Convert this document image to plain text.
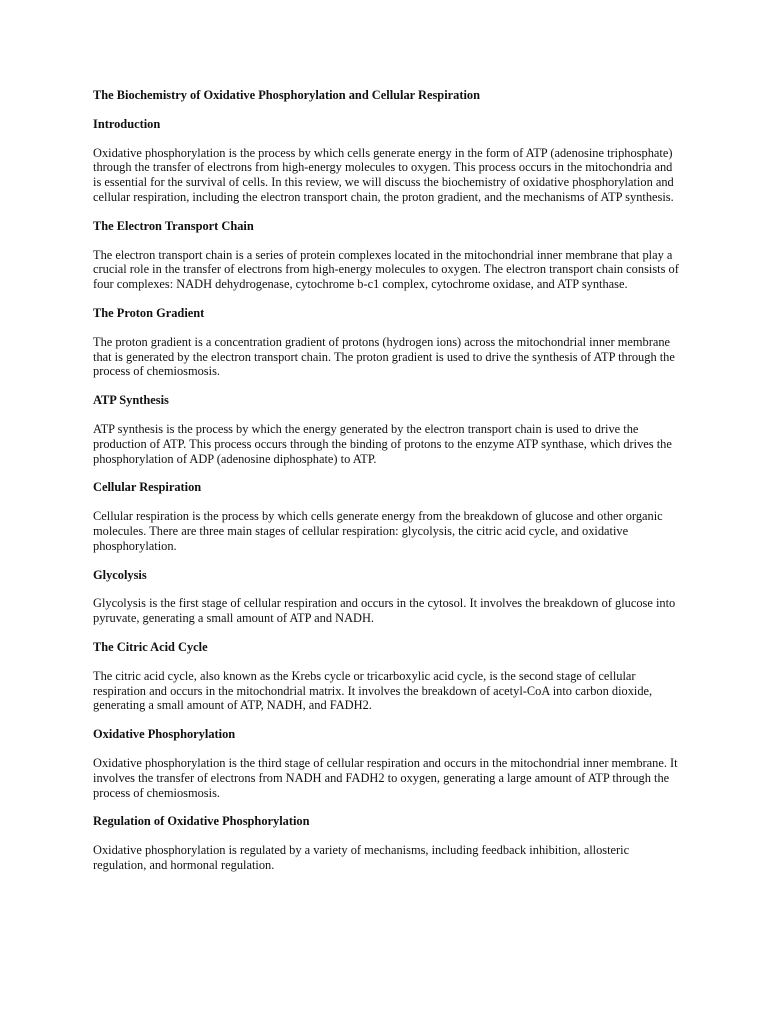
The Biochemistry of Oxidative Phosphorylation and Cellular Respiration
Introduction
Oxidative phosphorylation is the process by which cells generate energy in the form of ATP (adenosine triphosphate) through the transfer of electrons from high-energy molecules to oxygen. This process occurs in the mitochondria and is essential for the survival of cells. In this review, we will discuss the biochemistry of oxidative phosphorylation and cellular respiration, including the electron transport chain, the proton gradient, and the mechanisms of ATP synthesis.
The Electron Transport Chain
The electron transport chain is a series of protein complexes located in the mitochondrial inner membrane that play a crucial role in the transfer of electrons from high-energy molecules to oxygen. The electron transport chain consists of four complexes: NADH dehydrogenase, cytochrome b-c1 complex, cytochrome oxidase, and ATP synthase.
The Proton Gradient
The proton gradient is a concentration gradient of protons (hydrogen ions) across the mitochondrial inner membrane that is generated by the electron transport chain. The proton gradient is used to drive the synthesis of ATP through the process of chemiosmosis.
ATP Synthesis
ATP synthesis is the process by which the energy generated by the electron transport chain is used to drive the production of ATP. This process occurs through the binding of protons to the enzyme ATP synthase, which drives the phosphorylation of ADP (adenosine diphosphate) to ATP.
Cellular Respiration
Cellular respiration is the process by which cells generate energy from the breakdown of glucose and other organic molecules. There are three main stages of cellular respiration: glycolysis, the citric acid cycle, and oxidative phosphorylation.
Glycolysis
Glycolysis is the first stage of cellular respiration and occurs in the cytosol. It involves the breakdown of glucose into pyruvate, generating a small amount of ATP and NADH.
The Citric Acid Cycle
The citric acid cycle, also known as the Krebs cycle or tricarboxylic acid cycle, is the second stage of cellular respiration and occurs in the mitochondrial matrix. It involves the breakdown of acetyl-CoA into carbon dioxide, generating a small amount of ATP, NADH, and FADH2.
Oxidative Phosphorylation
Oxidative phosphorylation is the third stage of cellular respiration and occurs in the mitochondrial inner membrane. It involves the transfer of electrons from NADH and FADH2 to oxygen, generating a large amount of ATP through the process of chemiosmosis.
Regulation of Oxidative Phosphorylation
Oxidative phosphorylation is regulated by a variety of mechanisms, including feedback inhibition, allosteric regulation, and hormonal regulation.
